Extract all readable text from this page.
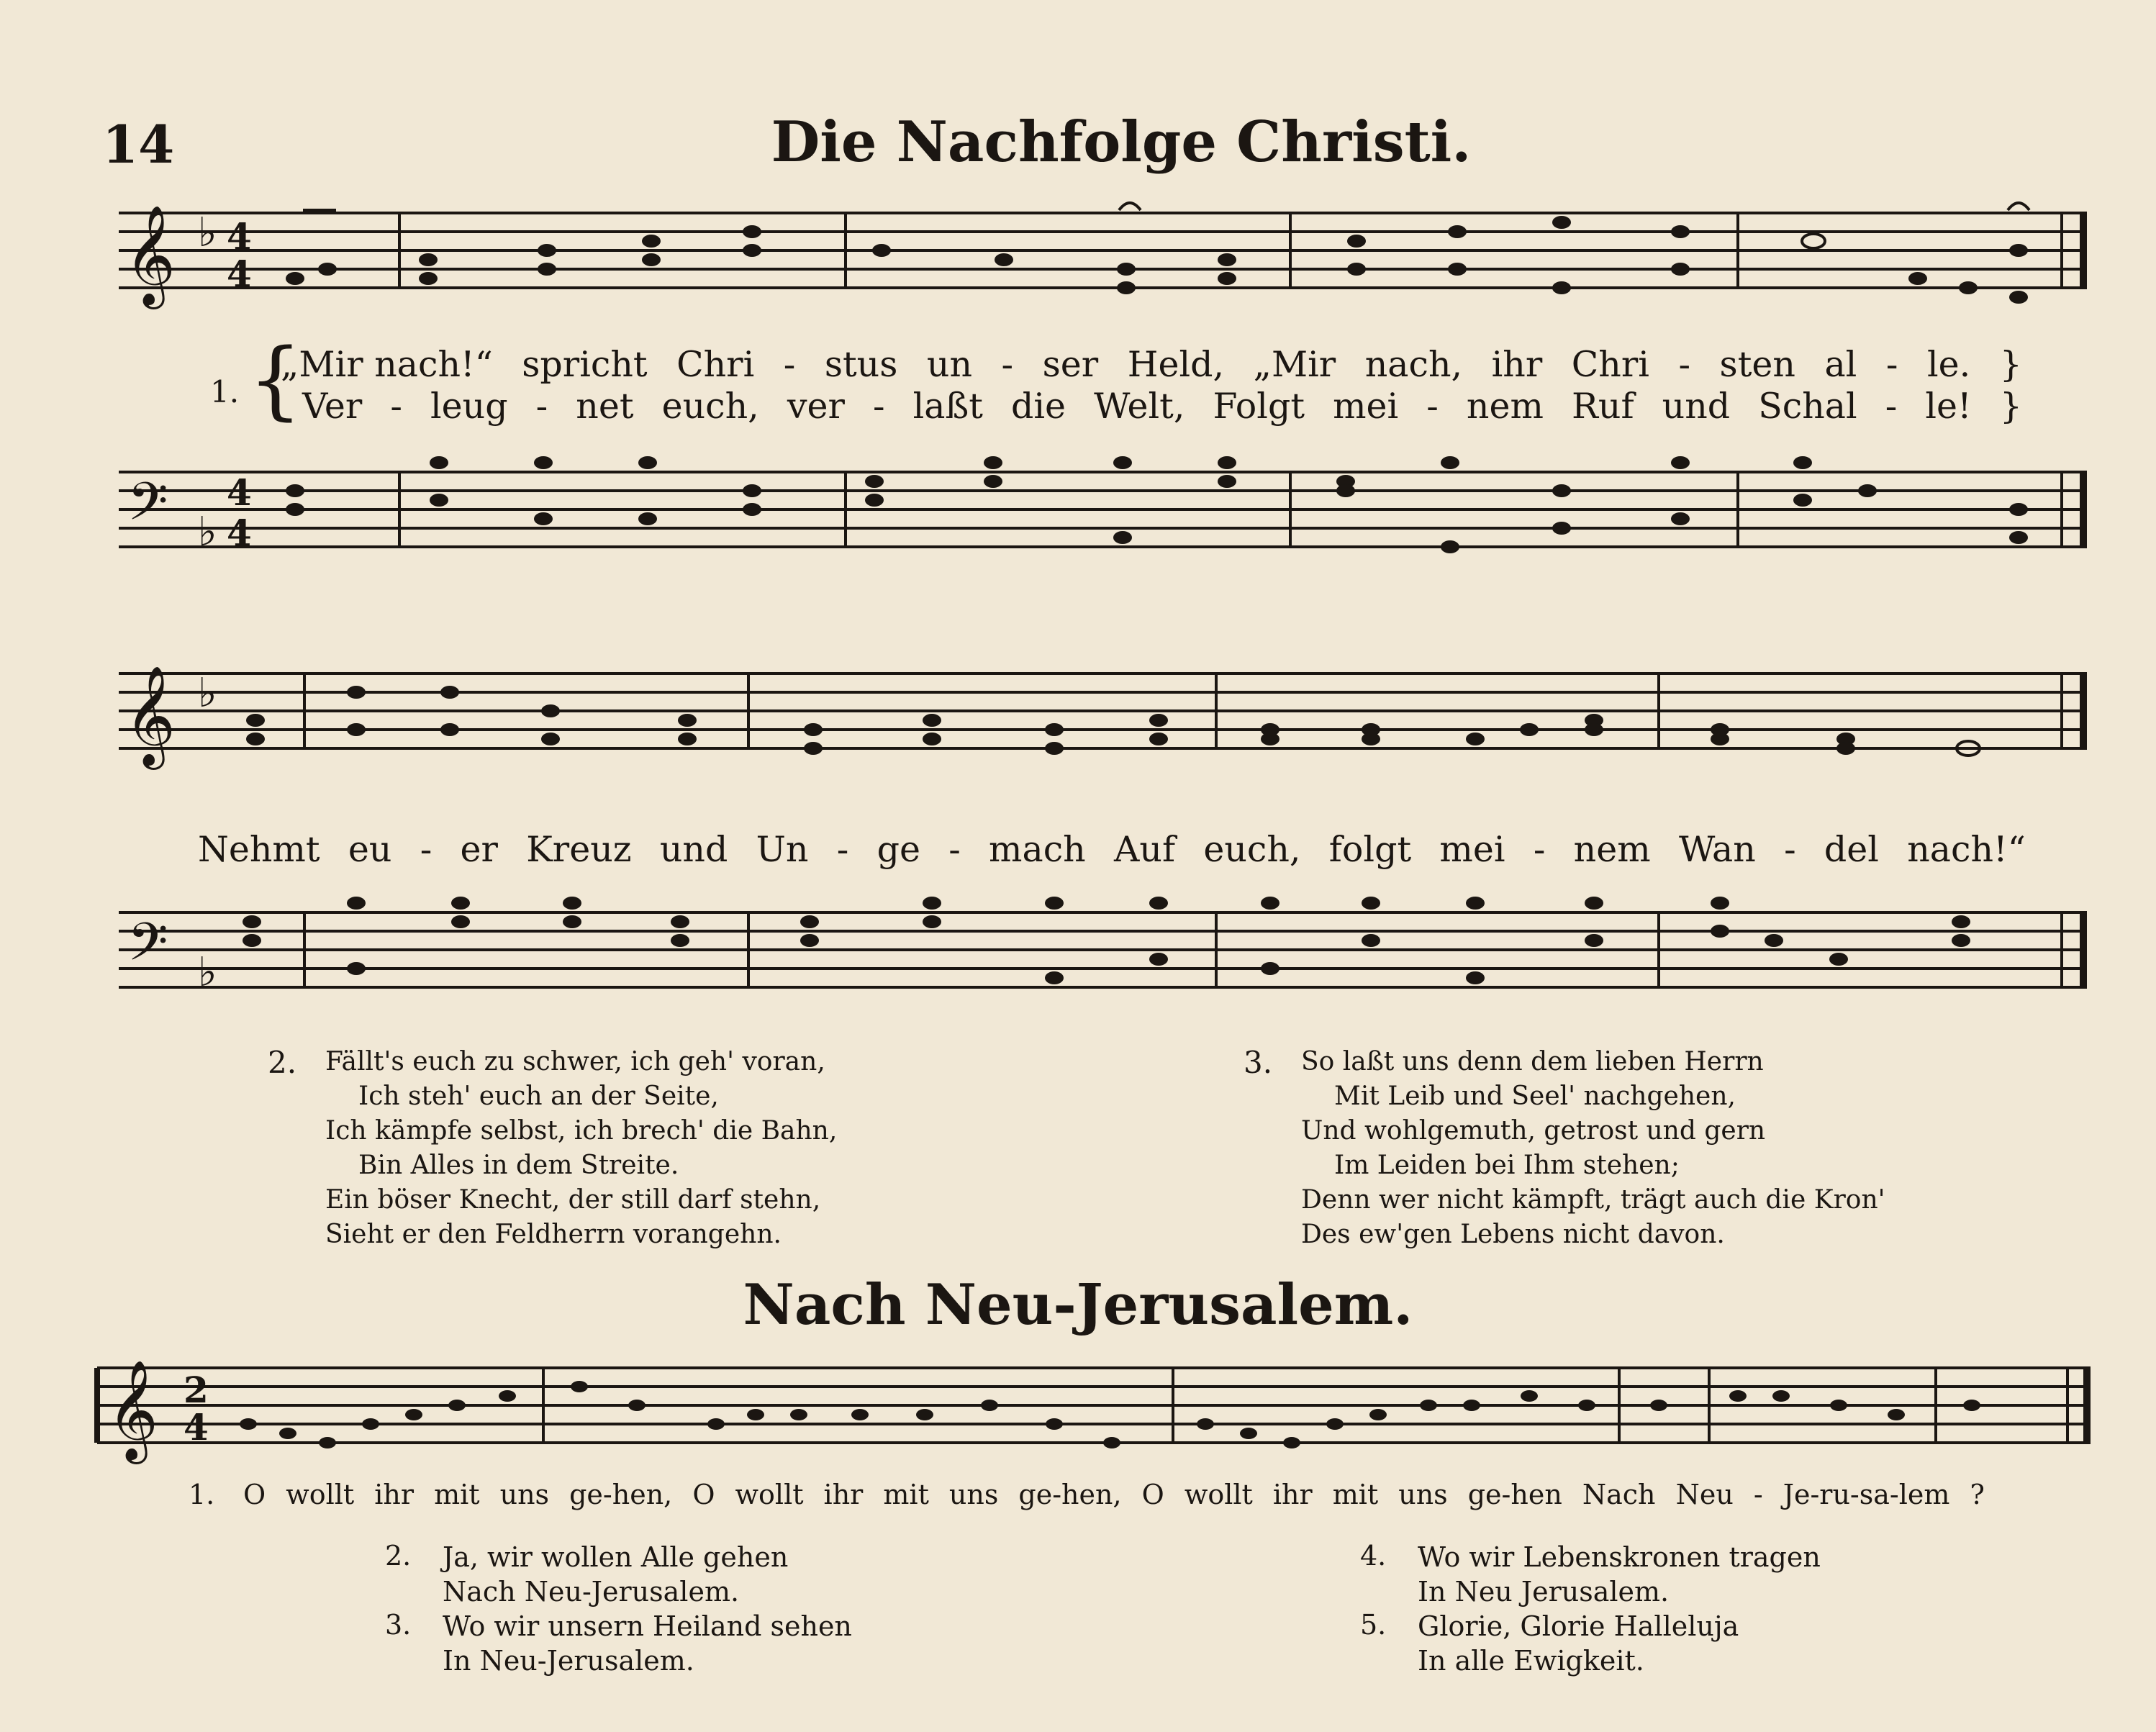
14	Die Nachfolge Christi.
𝄞 ♭ 4
4
1. {
„Mir nach!“ spricht Chri - stus un - ser Held, „Mir nach, ihr Chri - sten al - le. }
Ver - leug - net euch, ver - laßt die Welt, Folgt mei - nem Ruf und Schal - le! }
𝄢 4
♭ 4
𝄞 ♭
Nehmt eu - er Kreuz und Un - ge - mach Auf euch, folgt mei - nem Wan - del nach!“
𝄢 ♭
2. Fällt's euch zu schwer, ich geh' voran,
Ich steh' euch an der Seite,
Ich kämpfe selbst, ich brech' die Bahn,
Bin Alles in dem Streite.
Ein böser Knecht, der still darf stehn,
Sieht er den Feldherrn vorangehn.
3. So laßt uns denn dem lieben Herrn
Mit Leib und Seel' nachgehen,
Und wohlgemuth, getrost und gern
Im Leiden bei Ihm stehen;
Denn wer nicht kämpft, trägt auch die Kron'
Des ew'gen Lebens nicht davon.
Nach Neu-Jerusalem.
𝄞 2
4
1. O wollt ihr mit uns ge-hen, O wollt ihr mit uns ge-hen, O wollt ihr mit uns ge-hen Nach Neu - Je-ru-sa-lem ?
2. Ja, wir wollen Alle gehen
Nach Neu-Jerusalem.
3. Wo wir unsern Heiland sehen
In Neu-Jerusalem.
4. Wo wir Lebenskronen tragen
In Neu Jerusalem.
5. Glorie, Glorie Halleluja
In alle Ewigkeit.
